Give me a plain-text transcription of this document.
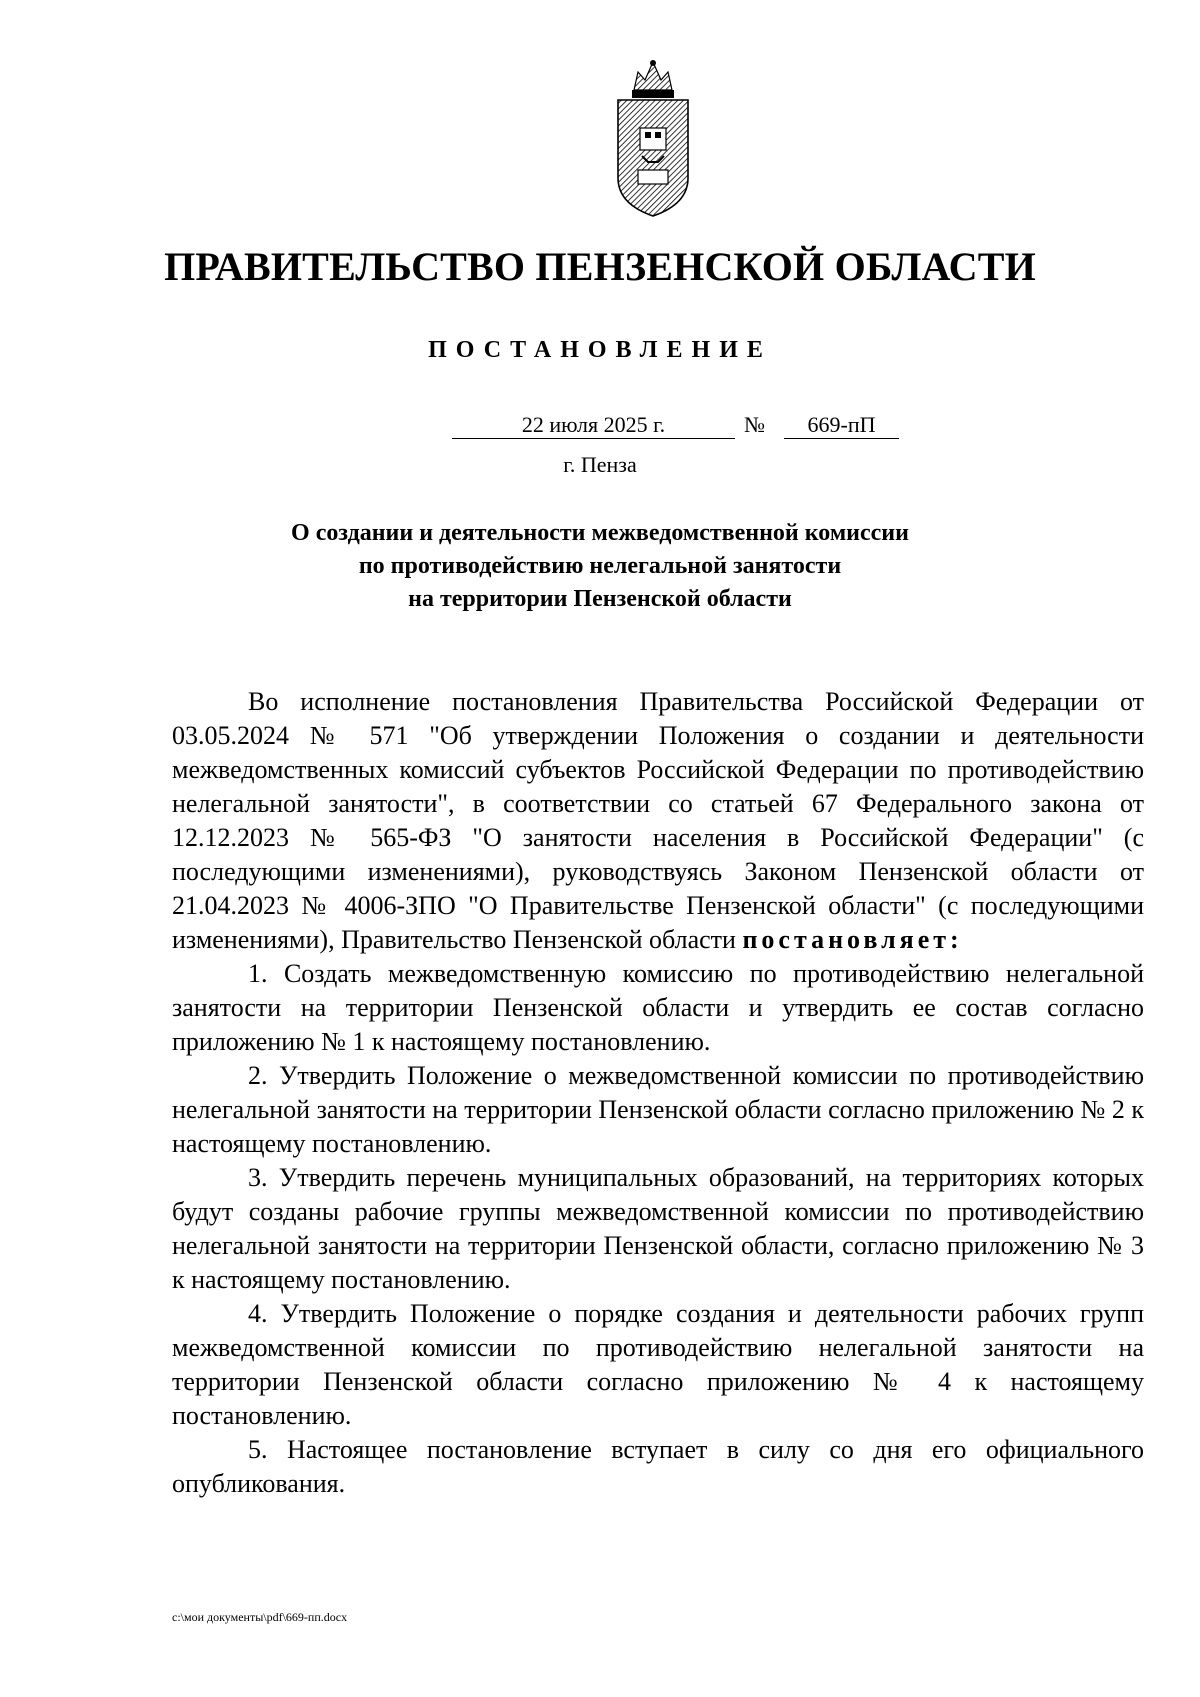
ПРАВИТЕЛЬСТВО ПЕНЗЕНСКОЙ ОБЛАСТИ
ПОСТАНОВЛЕНИЕ
22 июля 2025 г.	№	669-пП
г. Пенза
О создании и деятельности межведомственной комиссии
по противодействию нелегальной занятости
на территории Пензенской области

Во исполнение постановления Правительства Российской Федерации от 03.05.2024 № 571 "Об утверждении Положения о создании и деятельности межведомственных комиссий субъектов Российской Федерации по противодействию нелегальной занятости", в соответствии со статьей 67 Федерального закона от 12.12.2023 № 565-ФЗ "О занятости населения в Российской Федерации" (с последующими изменениями), руководствуясь Законом Пензенской области от 21.04.2023 № 4006-ЗПО "О Правительстве Пензенской области" (с последующими изменениями), Правительство Пензенской области постановляет:

1. Создать межведомственную комиссию по противодействию нелегальной занятости на территории Пензенской области и утвердить ее состав согласно приложению № 1 к настоящему постановлению.

2. Утвердить Положение о межведомственной комиссии по противодействию нелегальной занятости на территории Пензенской области согласно приложению № 2 к настоящему постановлению.

3. Утвердить перечень муниципальных образований, на территориях которых будут созданы рабочие группы межведомственной комиссии по противодействию нелегальной занятости на территории Пензенской области, согласно приложению № 3 к настоящему постановлению.

4. Утвердить Положение о порядке создания и деятельности рабочих групп межведомственной комиссии по противодействию нелегальной занятости на территории Пензенской области согласно приложению № 4 к настоящему постановлению.

5. Настоящее постановление вступает в силу со дня его официального опубликования.

c:\мои документы\pdf\669-пп.docx
